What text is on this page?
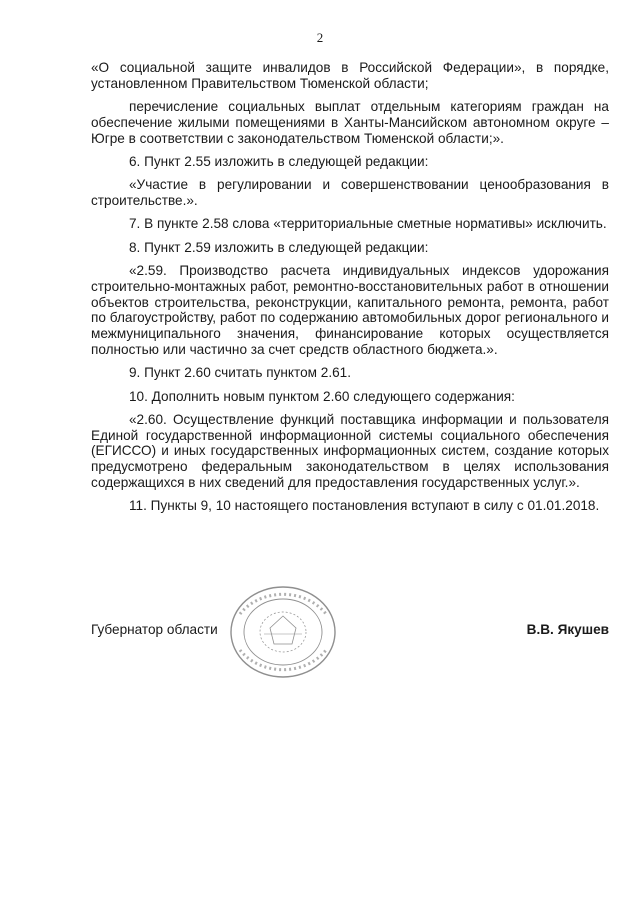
2

«О социальной защите инвалидов в Российской Федерации», в порядке, установленном Правительством Тюменской области;

перечисление социальных выплат отдельным категориям граждан на обеспечение жилыми помещениями в Ханты-Мансийском автономном округе – Югре в соответствии с законодательством Тюменской области;».

6. Пункт 2.55 изложить в следующей редакции:

«Участие в регулировании и совершенствовании ценообразования в строительстве.».

7. В пункте 2.58 слова «территориальные сметные нормативы» исключить.

8. Пункт 2.59 изложить в следующей редакции:

«2.59. Производство расчета индивидуальных индексов удорожания строительно-монтажных работ, ремонтно-восстановительных работ в отношении объектов строительства, реконструкции, капитального ремонта, ремонта, работ по благоустройству, работ по содержанию автомобильных дорог регионального и межмуниципального значения, финансирование которых осуществляется полностью или частично за счет средств областного бюджета.».

9. Пункт 2.60 считать пунктом 2.61.

10. Дополнить новым пунктом 2.60 следующего содержания:

«2.60. Осуществление функций поставщика информации и пользователя Единой государственной информационной системы социального обеспечения (ЕГИССО) и иных государственных информационных систем, создание которых предусмотрено федеральным законодательством в целях использования содержащихся в них сведений для предоставления государственных услуг.».

11. Пункты 9, 10 настоящего постановления вступают в силу с 01.01.2018.

Губернатор области	В.В. Якушев
